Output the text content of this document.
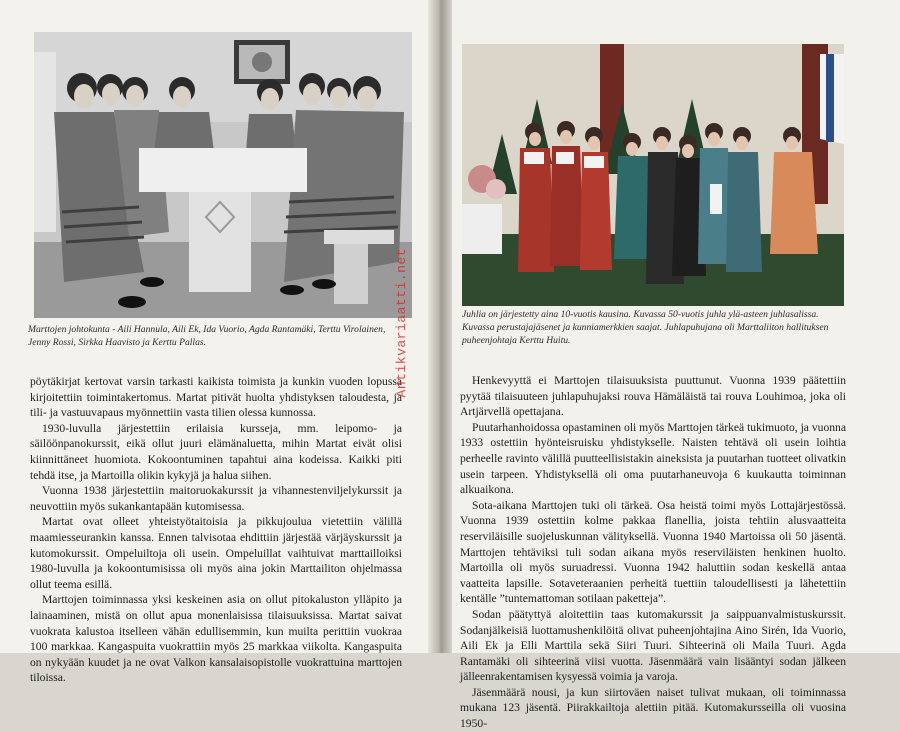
Marttojen johtokunta - Aili Hannula, Aili Ek, Ida Vuorio, Agda Rantamäki, Terttu Virolainen, Jenny Rossi, Sirkka Haavisto ja Kerttu Pallas.
Juhlia on järjestetty aina 10-vuotis kausina. Kuvassa 50-vuotis juhla ylä-asteen juhlasalissa. Kuvassa perustajajäsenet ja kunniamerkkien saajat. Juhlapuhujana oli Marttaliiton hallituksen puheenjohtaja Kerttu Huitu.

pöytäkirjat kertovat varsin tarkasti kaikista toimista ja kunkin vuoden lopussa kirjoitettiin toimintakertomus. Martat pitivät huolta yhdistyksen taloudesta, ja tili- ja vastuuvapaus myönnettiin vasta tilien olessa kunnossa.

1930-luvulla järjestettiin erilaisia kursseja, mm. leipomo- ja säilöönpanokurssit, eikä ollut juuri elämänaluetta, mihin Martat eivät olisi kiinnittäneet huomiota. Kokoontuminen tapahtui aina kodeissa. Kaikki piti tehdä itse, ja Martoilla olikin kykyjä ja halua siihen.

Vuonna 1938 järjestettiin maitoruokakurssit ja vihannestenviljelykurssit ja neuvottiin myös sukankantapään kutomisessa.

Martat ovat olleet yhteistyötaitoisia ja pikkujoulua vietettiin välillä maamiesseurankin kanssa. Ennen talvisotaa ehdittiin järjestää värjäyskurssit ja kutomokurssit. Ompeluiltoja oli usein. Ompeluillat vaihtuivat marttailloiksi 1980-luvulla ja kokoontumisissa oli myös aina jokin Marttailiton ohjelmassa ollut teema esillä.

Marttojen toiminnassa yksi keskeinen asia on ollut pitokaluston ylläpito ja lainaaminen, mistä on ollut apua monenlaisissa tilaisuuksissa. Martat saivat vuokrata kalustoa itselleen vähän edullisemmin, kun muilta perittiin vuokraa 100 markkaa. Kangaspuita vuokrattiin myös 25 markkaa viikolta. Kangaspuita on nykyään kuudet ja ne ovat Valkon kansalaisopistolle vuokrattuina marttojen tiloissa.

Henkevyyttä ei Marttojen tilaisuuksista puuttunut. Vuonna 1939 päätettiin pyytää tilaisuuteen juhlapuhujaksi rouva Hämäläistä tai rouva Louhimoa, joka oli Artjärvellä opettajana.

Puutarhanhoidossa opastaminen oli myös Marttojen tärkeä tukimuoto, ja vuonna 1933 ostettiin hyönteisruisku yhdistykselle. Naisten tehtävä oli usein loihtia perheelle ravinto välillä puutteellisistakin aineksista ja puutarhan tuotteet olivatkin usein tarpeen. Yhdistyksellä oli oma puutarhaneuvoja 6 kuukautta toiminnan alkuaikona.

Sota-aikana Marttojen tuki oli tärkeä. Osa heistä toimi myös Lottajärjestössä. Vuonna 1939 ostettiin kolme pakkaa flanellia, joista tehtiin alusvaatteita reserviläisille suojeluskunnan välityksellä. Vuonna 1940 Martoissa oli 50 jäsentä. Marttojen tehtäviksi tuli sodan aikana myös reserviläisten henkinen huolto. Martoilla oli myös suruadressi. Vuonna 1942 haluttiin sodan keskellä antaa vaatteita lapsille. Sotaveteraanien perheitä tuettiin taloudellisesti ja lähetettiin kentälle ”tuntemattoman sotilaan paketteja”.

Sodan päätyttyä aloitettiin taas kutomakurssit ja saippuanvalmistuskurssit. Sodanjälkeisiä luottamushenkilöitä olivat puheenjohtajina Aino Sirén, Ida Vuorio, Aili Ek ja Elli Marttila sekä Siiri Tuuri. Sihteerinä oli Maila Tuuri. Agda Rantamäki oli sihteerinä viisi vuotta. Jäsenmäärä vain lisääntyi sodan jälkeen jälleenrakentamisen kysyessä voimia ja varoja.

Jäsenmäärä nousi, ja kun siirtoväen naiset tulivat mukaan, oli toiminnassa mukana 123 jäsentä. Piirakkailtoja alettiin pitää. Kutomakursseilla oli vuosina 1950-

Antikvariaatti.net
